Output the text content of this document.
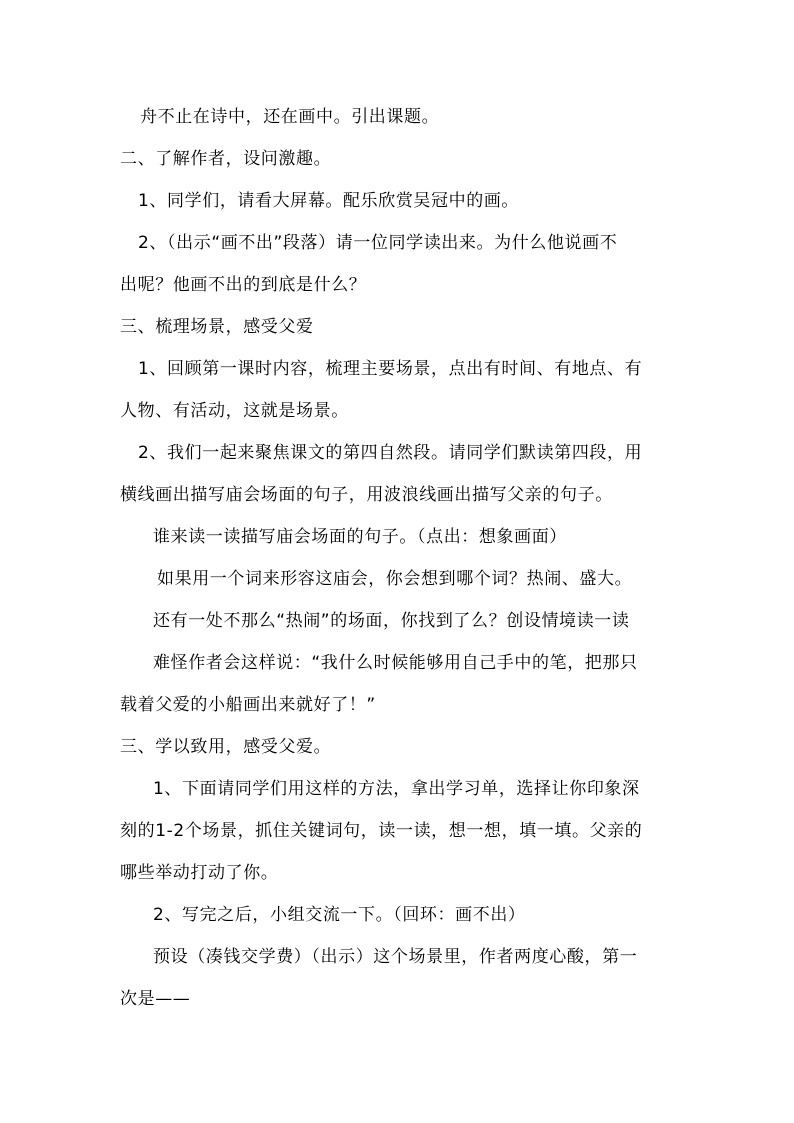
舟不止在诗中，还在画中。引出课题。
二、了解作者，设问激趣。
1、同学们，请看大屏幕。配乐欣赏吴冠中的画。
2、（出示“画不出”段落）请一位同学读出来。为什么他说画不
出呢？他画不出的到底是什么？
三、梳理场景，感受父爱
1、回顾第一课时内容，梳理主要场景，点出有时间、有地点、有
人物、有活动，这就是场景。
2、我们一起来聚焦课文的第四自然段。请同学们默读第四段，用
横线画出描写庙会场面的句子，用波浪线画出描写父亲的句子。
谁来读一读描写庙会场面的句子。（点出：想象画面）
如果用一个词来形容这庙会，你会想到哪个词？热闹、盛大。
还有一处不那么“热闹”的场面，你找到了么？创设情境读一读
难怪作者会这样说：“我什么时候能够用自己手中的笔，把那只
载着父爱的小船画出来就好了！”
三、学以致用，感受父爱。
1、下面请同学们用这样的方法，拿出学习单，选择让你印象深
刻的1-2个场景，抓住关键词句，读一读，想一想，填一填。父亲的
哪些举动打动了你。
2、写完之后，小组交流一下。（回环：画不出）
预设（凑钱交学费）（出示）这个场景里，作者两度心酸，第一
次是——
